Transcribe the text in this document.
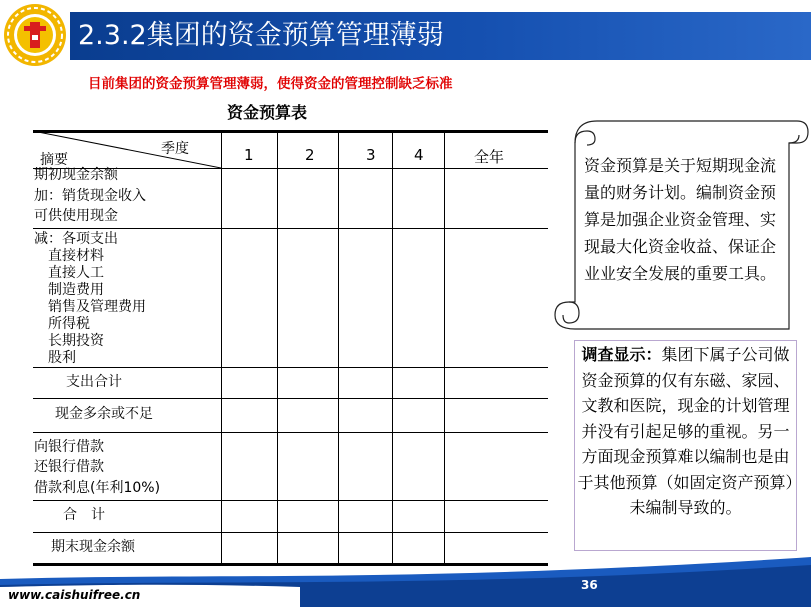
2.3.2集团的资金预算管理薄弱
目前集团的资金预算管理薄弱，使得资金的管理控制缺乏标准
资金预算表
季度
摘要	1	2	3	4	全年
期初现金余额
加：销货现金收入
可供使用现金
减：各项支出
直接材料
直接人工
制造费用
销售及管理费用
所得税
长期投资
股利
支出合计
现金多余或不足
向银行借款
还银行借款
借款利息(年利10%)
合　计
期末现金余额
资金预算是关于短期现金流量的财务计划。编制资金预算是加强企业资金管理、实现最大化资金收益、保证企业业安全发展的重要工具。
调查显示：集团下属子公司做资金预算的仅有东磁、家园、文教和医院，现金的计划管理并没有引起足够的重视。另一方面现金预算难以编制也是由于其他预算（如固定资产预算）未编制导致的。
www.caishuifree.cn
36
